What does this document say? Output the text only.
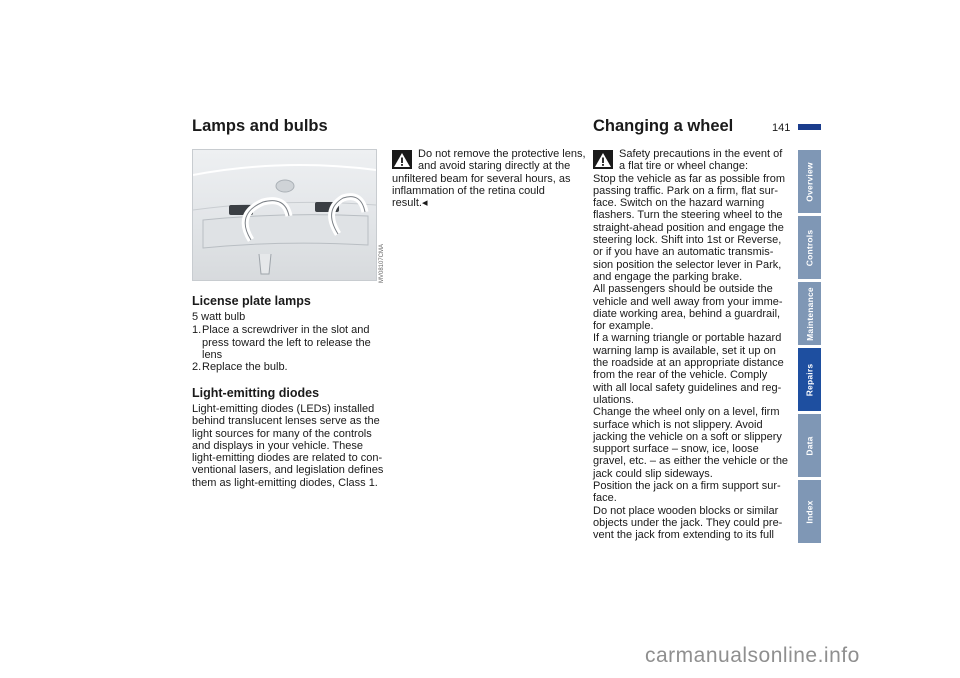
Lamps and bulbs
MV08107CMA
License plate lamps

5 watt bulb

1. Place a screwdriver in the slot and press toward the left to release the lens
2. Replace the bulb.
Light-emitting diodes

Light-emitting diodes (LEDs) installed

behind translucent lenses serve as the

light sources for many of the controls

and displays in your vehicle. These

light-emitting diodes are related to con-

ventional lasers, and legislation defines

them as light-emitting diodes, Class 1.

Do not remove the protective lens,

and avoid staring directly at the

unfiltered beam for several hours, as

inflammation of the retina could

result.◂

Changing a wheel	141

Safety precautions in the event of

a flat tire or wheel change:

Stop the vehicle as far as possible from

passing traffic. Park on a firm, flat sur-

face. Switch on the hazard warning

flashers. Turn the steering wheel to the

straight-ahead position and engage the

steering lock. Shift into 1st or Reverse,

or if you have an automatic transmis-

sion position the selector lever in Park,

and engage the parking brake.

All passengers should be outside the

vehicle and well away from your imme-

diate working area, behind a guardrail,

for example.

If a warning triangle or portable hazard

warning lamp is available, set it up on

the roadside at an appropriate distance

from the rear of the vehicle. Comply

with all local safety guidelines and reg-

ulations.

Change the wheel only on a level, firm

surface which is not slippery. Avoid

jacking the vehicle on a soft or slippery

support surface – snow, ice, loose

gravel, etc. – as either the vehicle or the

jack could slip sideways.

Position the jack on a firm support sur-

face.

Do not place wooden blocks or similar

objects under the jack. They could pre-

vent the jack from extending to its full

Overview
Controls
Maintenance
Repairs
Data
Index
carmanualsonline.info
